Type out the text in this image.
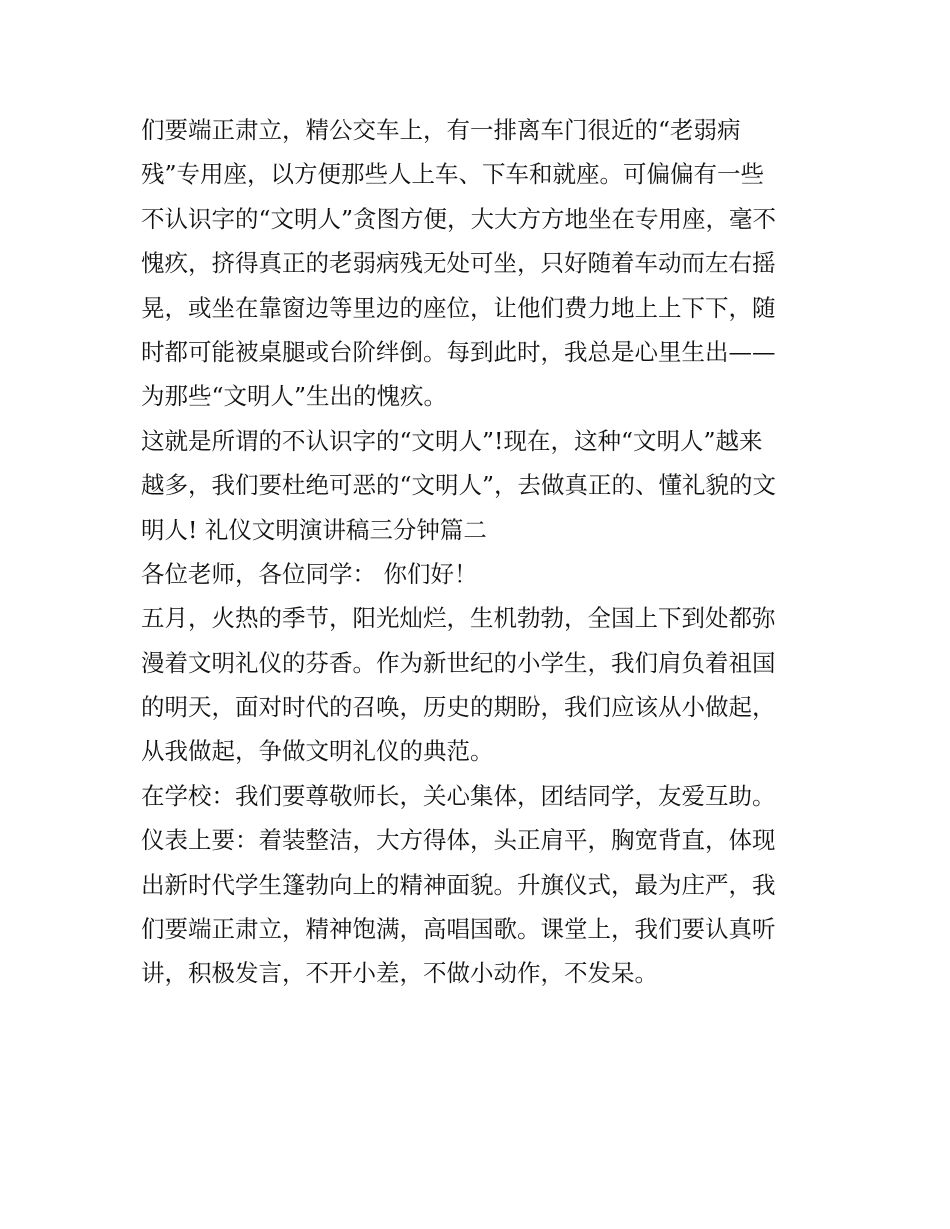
们要端正肃立，精公交车上，有一排离车门很近的“老弱病
残”专用座，以方便那些人上车、下车和就座。可偏偏有一些
不认识字的“文明人”贪图方便，大大方方地坐在专用座，毫不
愧疚，挤得真正的老弱病残无处可坐，只好随着车动而左右摇
晃，或坐在靠窗边等里边的座位，让他们费力地上上下下，随
时都可能被桌腿或台阶绊倒。每到此时，我总是心里生出——
为那些“文明人”生出的愧疚。
这就是所谓的不认识字的“文明人”!现在，这种“文明人”越来
越多，我们要杜绝可恶的“文明人”，去做真正的、懂礼貌的文
明人! 礼仪文明演讲稿三分钟篇二
各位老师，各位同学： 你们好！
五月，火热的季节，阳光灿烂，生机勃勃，全国上下到处都弥
漫着文明礼仪的芬香。作为新世纪的小学生，我们肩负着祖国
的明天，面对时代的召唤，历史的期盼，我们应该从小做起，
从我做起，争做文明礼仪的典范。
在学校：我们要尊敬师长，关心集体，团结同学，友爱互助。
仪表上要：着装整洁，大方得体，头正肩平，胸宽背直，体现
出新时代学生篷勃向上的精神面貌。升旗仪式，最为庄严，我
们要端正肃立，精神饱满，高唱国歌。课堂上，我们要认真听
讲，积极发言，不开小差，不做小动作，不发呆。
